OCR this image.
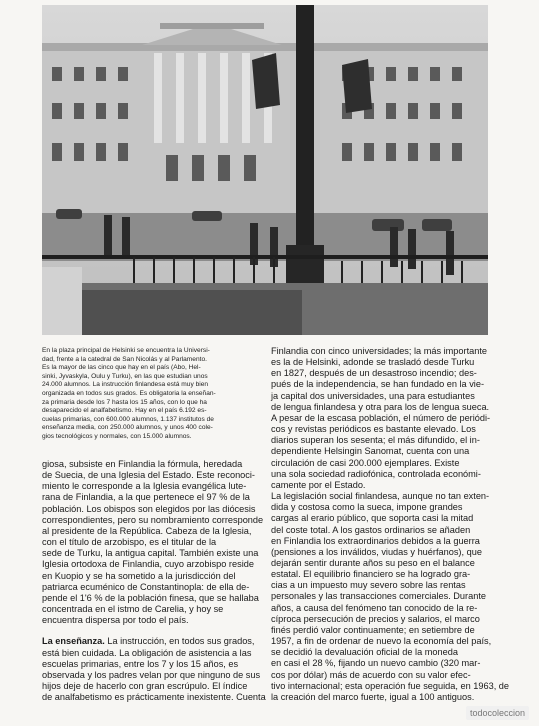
En la plaza principal de Helsinki se encuentra la Universi-
dad, frente a la catedral de San Nicolás y al Parlamento.
Es la mayor de las cinco que hay en el país (Abo, Hel-
sinki, Jyvaskyla, Oulu y Turku), en las que estudian unos
24.000 alumnos. La instrucción finlandesa está muy bien
organizada en todos sus grados. Es obligatoria la enseñan-
za primaria desde los 7 hasta los 15 años, con lo que ha
desaparecido el analfabetismo. Hay en el país 6.192 es-
cuelas primarias, con 600.000 alumnos, 1.137 institutos de
enseñanza media, con 250.000 alumnos, y unos 400 cole-
gios tecnológicos y normales, con 15.000 alumnos.
Finlandia con cinco universidades; la más importante
es la de Helsinki, adonde se trasladó desde Turku
en 1827, después de un desastroso incendio; des-
pués de la independencia, se han fundado en la vie-
ja capital dos universidades, una para estudiantes
de lengua finlandesa y otra para los de lengua sueca.
A pesar de la escasa población, el número de periódi-
cos y revistas periódicos es bastante elevado. Los
diarios superan los sesenta; el más difundido, el in-
dependiente Helsingin Sanomat, cuenta con una
circulación de casi 200.000 ejemplares. Existe
una sola sociedad radiofónica, controlada económi-
camente por el Estado.
La legislación social finlandesa, aunque no tan exten-
dida y costosa como la sueca, impone grandes
cargas al erario público, que soporta casi la mitad
del coste total. A los gastos ordinarios se añaden
en Finlandia los extraordinarios debidos a la guerra
(pensiones a los inválidos, viudas y huérfanos), que
dejarán sentir durante años su peso en el balance
estatal. El equilibrio financiero se ha logrado gra-
cias a un impuesto muy severo sobre las rentas
personales y las transacciones comerciales. Durante
años, a causa del fenómeno tan conocido de la re-
cíproca persecución de precios y salarios, el marco
finés perdió valor continuamente; en setiembre de
1957, a fin de ordenar de nuevo la economía del país,
se decidió la devaluación oficial de la moneda
en casi el 28 %, fijando un nuevo cambio (320 mar-
cos por dólar) más de acuerdo con su valor efec-
tivo internacional; esta operación fue seguida, en 1963, de
la creación del marco fuerte, igual a 100 antiguos.
giosa, subsiste en Finlandia la fórmula, heredada
de Suecia, de una Iglesia del Estado. Este reconoci-
miento le corresponde a la Iglesia evangélica lute-
rana de Finlandia, a la que pertenece el 97 % de la
población. Los obispos son elegidos por las diócesis
correspondientes, pero su nombramiento corresponde
al presidente de la República. Cabeza de la Iglesia,
con el título de arzobispo, es el titular de la
sede de Turku, la antigua capital. También existe una
Iglesia ortodoxa de Finlandia, cuyo arzobispo reside
en Kuopio y se ha sometido a la jurisdicción del
patriarca ecuménico de Constantinopla: de ella de-
pende el 1'6 % de la población finesa, que se hallaba
concentrada en el istmo de Carelia, y hoy se
encuentra dispersa por todo el país.
La enseñanza. La instrucción, en todos sus grados,
está bien cuidada. La obligación de asistencia a las
escuelas primarias, entre los 7 y los 15 años, es
observada y los padres velan por que ninguno de sus
hijos deje de hacerlo con gran escrúpulo. El índice
de analfabetismo es prácticamente inexistente. Cuenta
todocoleccion
